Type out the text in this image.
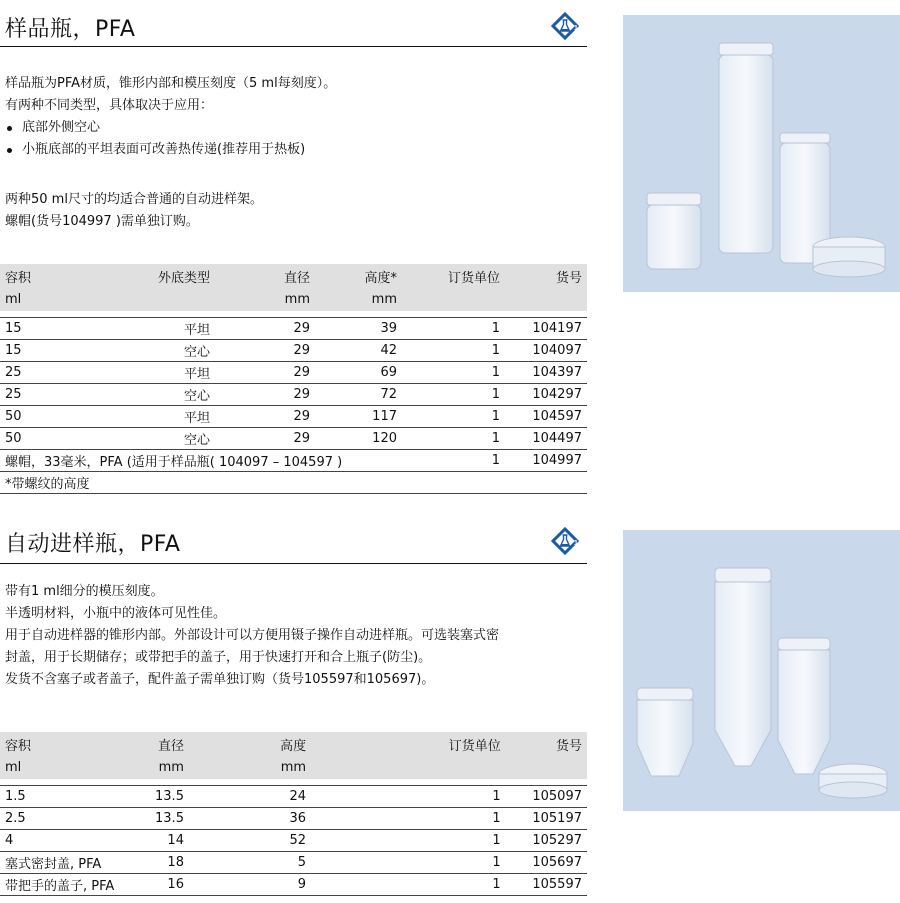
样品瓶，PFA	1

样品瓶为PFA材质，锥形内部和模压刻度（5 ml每刻度）。

有两种不同类型，具体取决于应用：

底部外侧空心
小瓶底部的平坦表面可改善热传递(推荐用于热板)

两种50 ml尺寸的均适合普通的自动进样架。

螺帽(货号104997 )需单独订购。

容积	外底类型	直径	高度*	订货单位	货号
ml		mm	mm		

15	平坦	29	39	1	104197
15	空心	29	42	1	104097
25	平坦	29	69	1	104397
25	空心	29	72	1	104297
50	平坦	29	117	1	104597
50	空心	29	120	1	104497
螺帽，33毫米，PFA (适用于样品瓶( 104097 – 104597 )				1	104997
*带螺纹的高度					
自动进样瓶，PFA	1

带有1 ml细分的模压刻度。

半透明材料，小瓶中的液体可见性佳。

用于自动进样器的锥形内部。外部设计可以方便用镊子操作自动进样瓶。可选装塞式密

封盖，用于长期储存；或带把手的盖子，用于快速打开和合上瓶子(防尘)。

发货不含塞子或者盖子，配件盖子需单独订购（货号105597和105697)。

容积	直径	高度		订货单位	货号
ml	mm	mm			

1.5	13.5	24		1	105097
2.5	13.5	36		1	105197
4	14	52		1	105297
塞式密封盖, PFA	18	5		1	105697
带把手的盖子, PFA	16	9		1	105597
